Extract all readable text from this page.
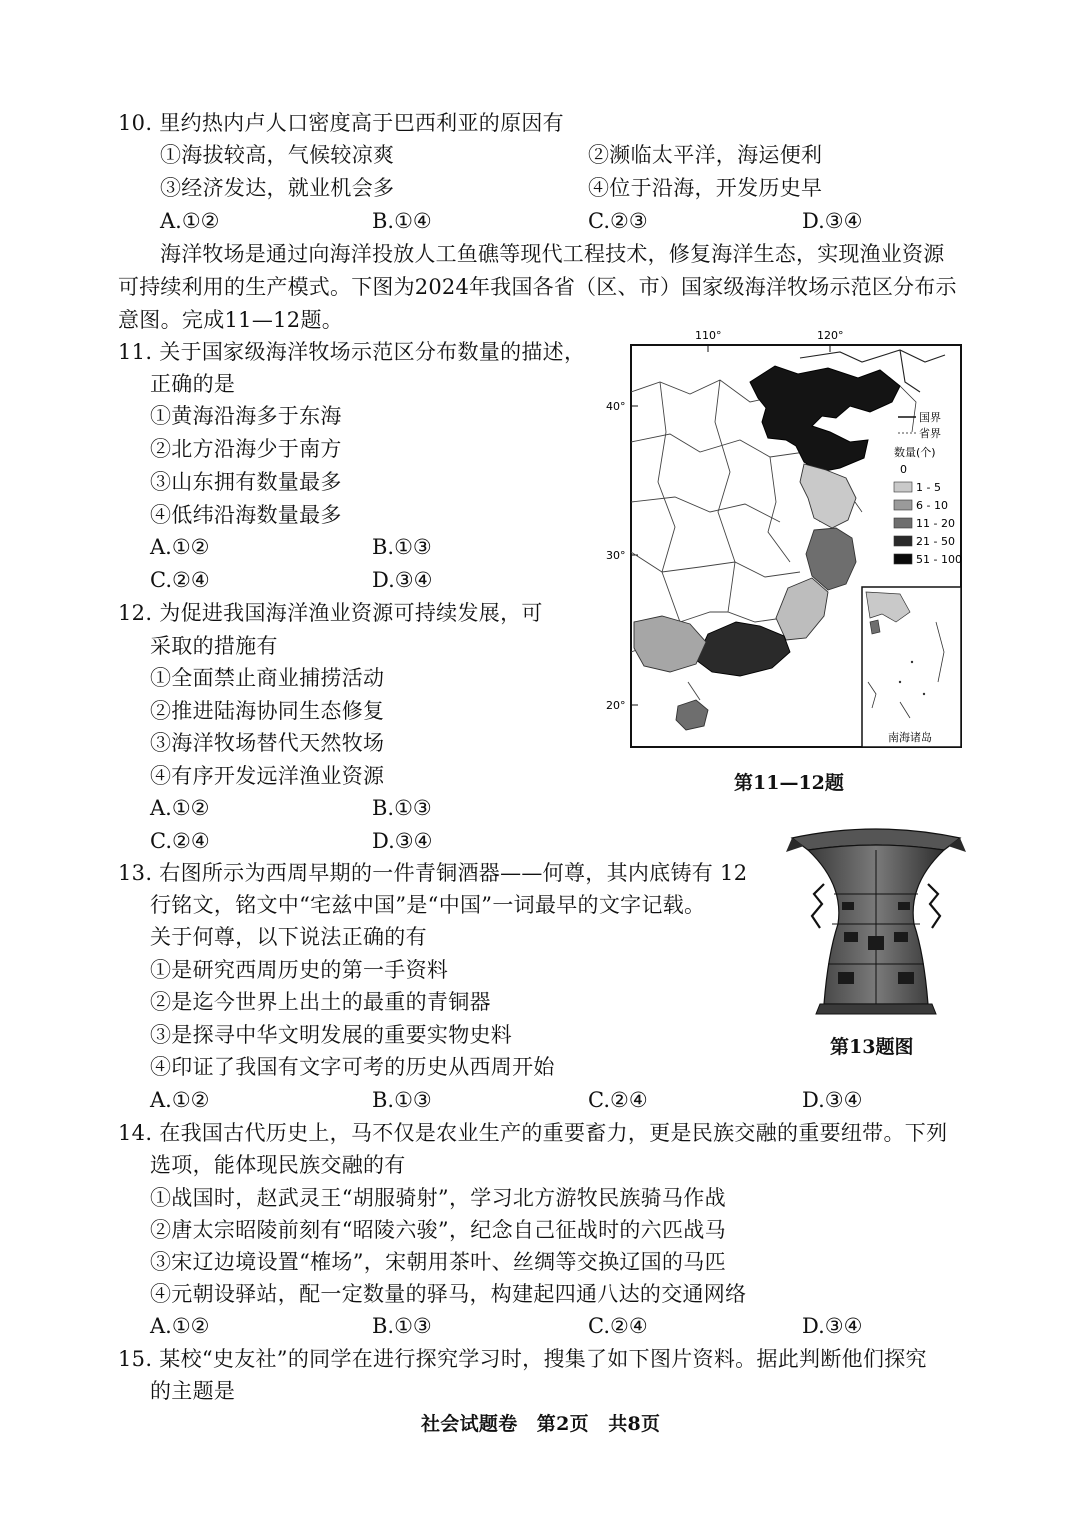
10. 里约热内卢人口密度高于巴西利亚的原因有
①海拔较高，气候较凉爽	②濒临太平洋，海运便利
③经济发达，就业机会多	④位于沿海，开发历史早
A.①②	B.①④	C.②③	D.③④
海洋牧场是通过向海洋投放人工鱼礁等现代工程技术，修复海洋生态，实现渔业资源
可持续利用的生产模式。下图为2024年我国各省（区、市）国家级海洋牧场示范区分布示
意图。完成11—12题。
11. 关于国家级海洋牧场示范区分布数量的描述，
正确的是
①黄海沿海多于东海
②北方沿海少于南方
③山东拥有数量最多
④低纬沿海数量最多
A.①②	B.①③
C.②④	D.③④
12. 为促进我国海洋渔业资源可持续发展，可
采取的措施有
①全面禁止商业捕捞活动
②推进陆海协同生态修复
③海洋牧场替代天然牧场
④有序开发远洋渔业资源
A.①②	B.①③
C.②④	D.③④
110°	120°
40°
30°
20°
国界
省界
数量(个)
0
1 - 5
6 - 10
11 - 20
21 - 50
51 - 100
南海诸岛
第11—12题
13. 右图所示为西周早期的一件青铜酒器——何尊，其内底铸有 12
行铭文，铭文中“宅兹中国”是“中国”一词最早的文字记载。
关于何尊，以下说法正确的有
①是研究西周历史的第一手资料
②是迄今世界上出土的最重的青铜器
③是探寻中华文明发展的重要实物史料
④印证了我国有文字可考的历史从西周开始
A.①②	B.①③	C.②④	D.③④
第13题图
14. 在我国古代历史上，马不仅是农业生产的重要畜力，更是民族交融的重要纽带。下列
选项，能体现民族交融的有
①战国时，赵武灵王“胡服骑射”，学习北方游牧民族骑马作战
②唐太宗昭陵前刻有“昭陵六骏”，纪念自己征战时的六匹战马
③宋辽边境设置“榷场”，宋朝用茶叶、丝绸等交换辽国的马匹
④元朝设驿站，配一定数量的驿马，构建起四通八达的交通网络
A.①②	B.①③	C.②④	D.③④
15. 某校“史友社”的同学在进行探究学习时，搜集了如下图片资料。据此判断他们探究
的主题是
社会试题卷　第2页　共8页
